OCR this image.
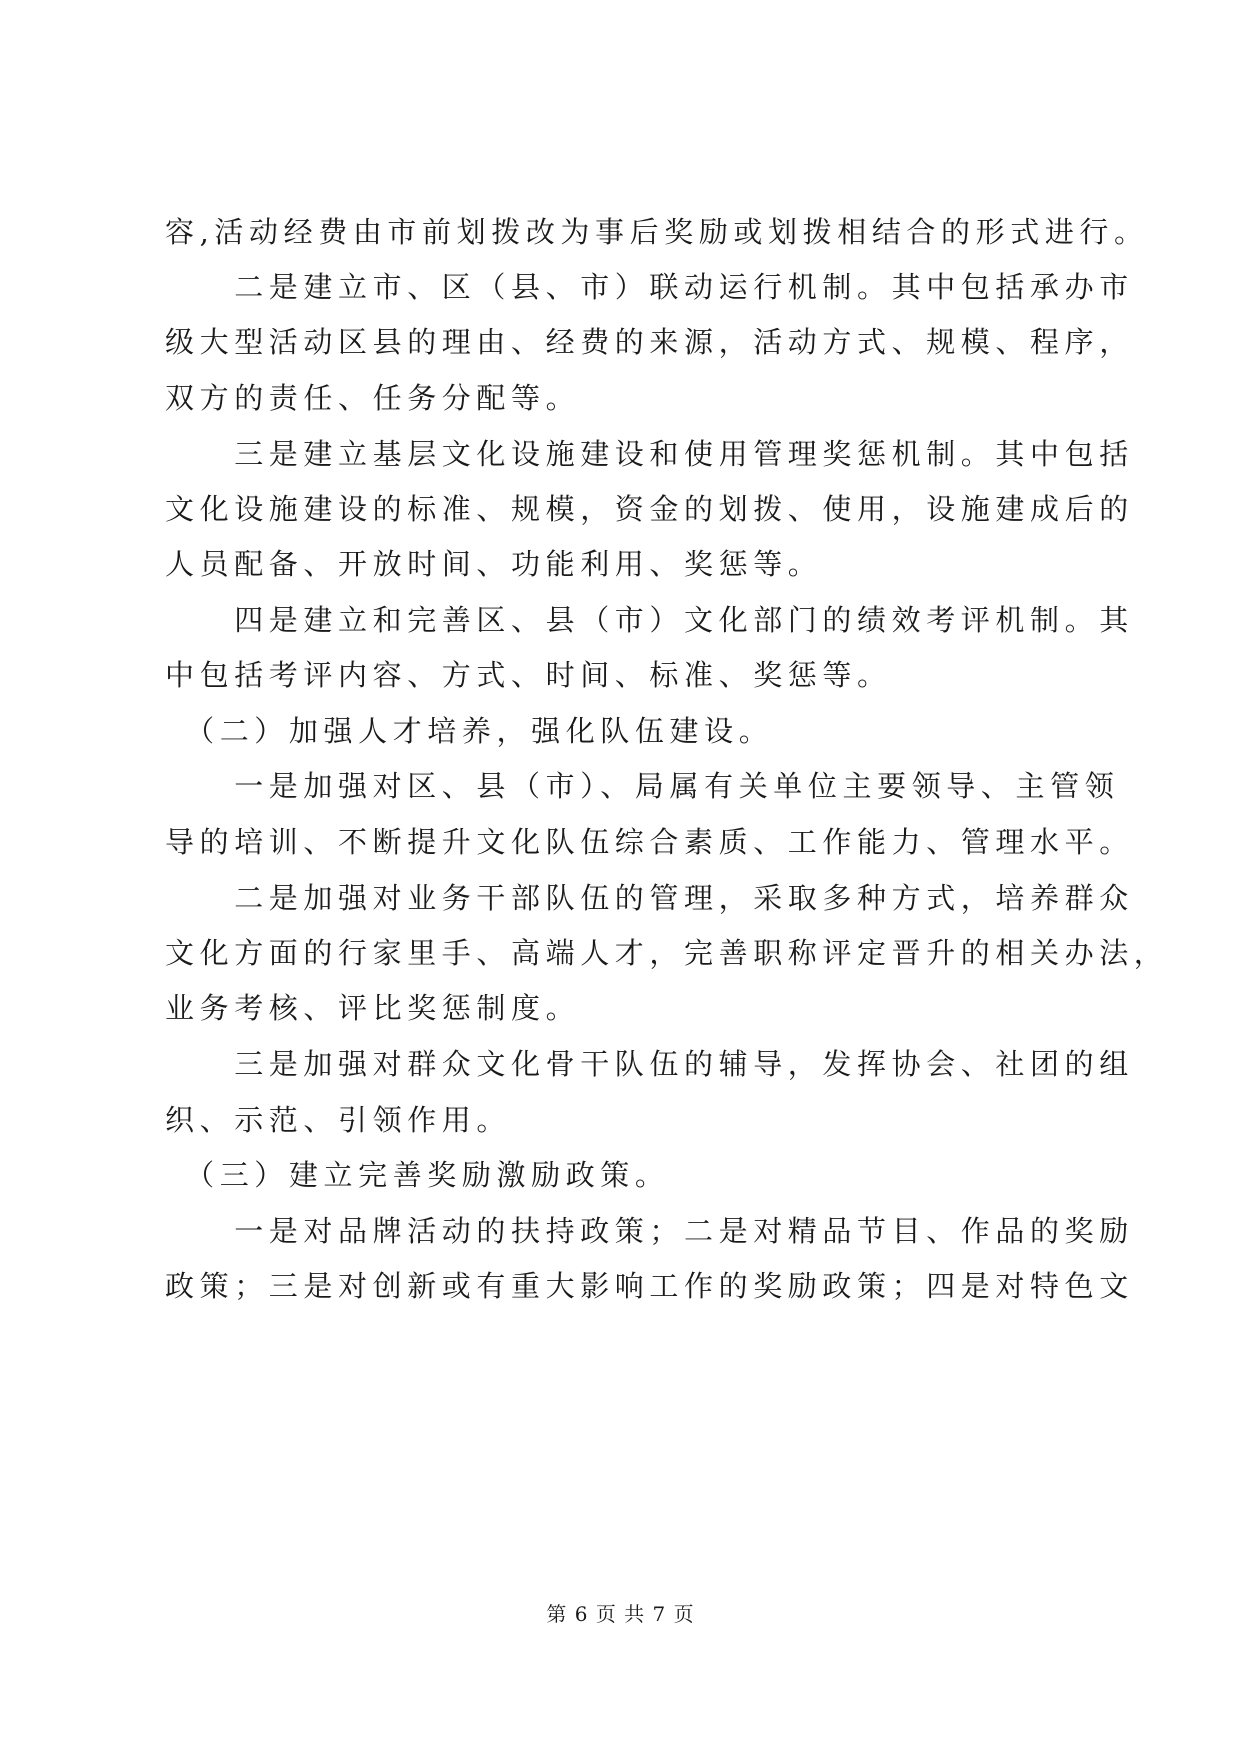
容,活动经费由市前划拨改为事后奖励或划拨相结合的形式进行。
　　二是建立市、区（县、市）联动运行机制。其中包括承办市
级大型活动区县的理由、经费的来源，活动方式、规模、程序，
双方的责任、任务分配等。
　　三是建立基层文化设施建设和使用管理奖惩机制。其中包括
文化设施建设的标准、规模，资金的划拨、使用，设施建成后的
人员配备、开放时间、功能利用、奖惩等。
　　四是建立和完善区、县（市）文化部门的绩效考评机制。其
中包括考评内容、方式、时间、标准、奖惩等。
　（二）加强人才培养，强化队伍建设。
　　一是加强对区、县（市）、局属有关单位主要领导、主管领
导的培训、不断提升文化队伍综合素质、工作能力、管理水平。
　　二是加强对业务干部队伍的管理，采取多种方式，培养群众
文化方面的行家里手、高端人才，完善职称评定晋升的相关办法，
业务考核、评比奖惩制度。
　　三是加强对群众文化骨干队伍的辅导，发挥协会、社团的组
织、示范、引领作用。
　（三）建立完善奖励激励政策。
　　一是对品牌活动的扶持政策；二是对精品节目、作品的奖励
政策；三是对创新或有重大影响工作的奖励政策；四是对特色文
第 6 页 共 7 页
